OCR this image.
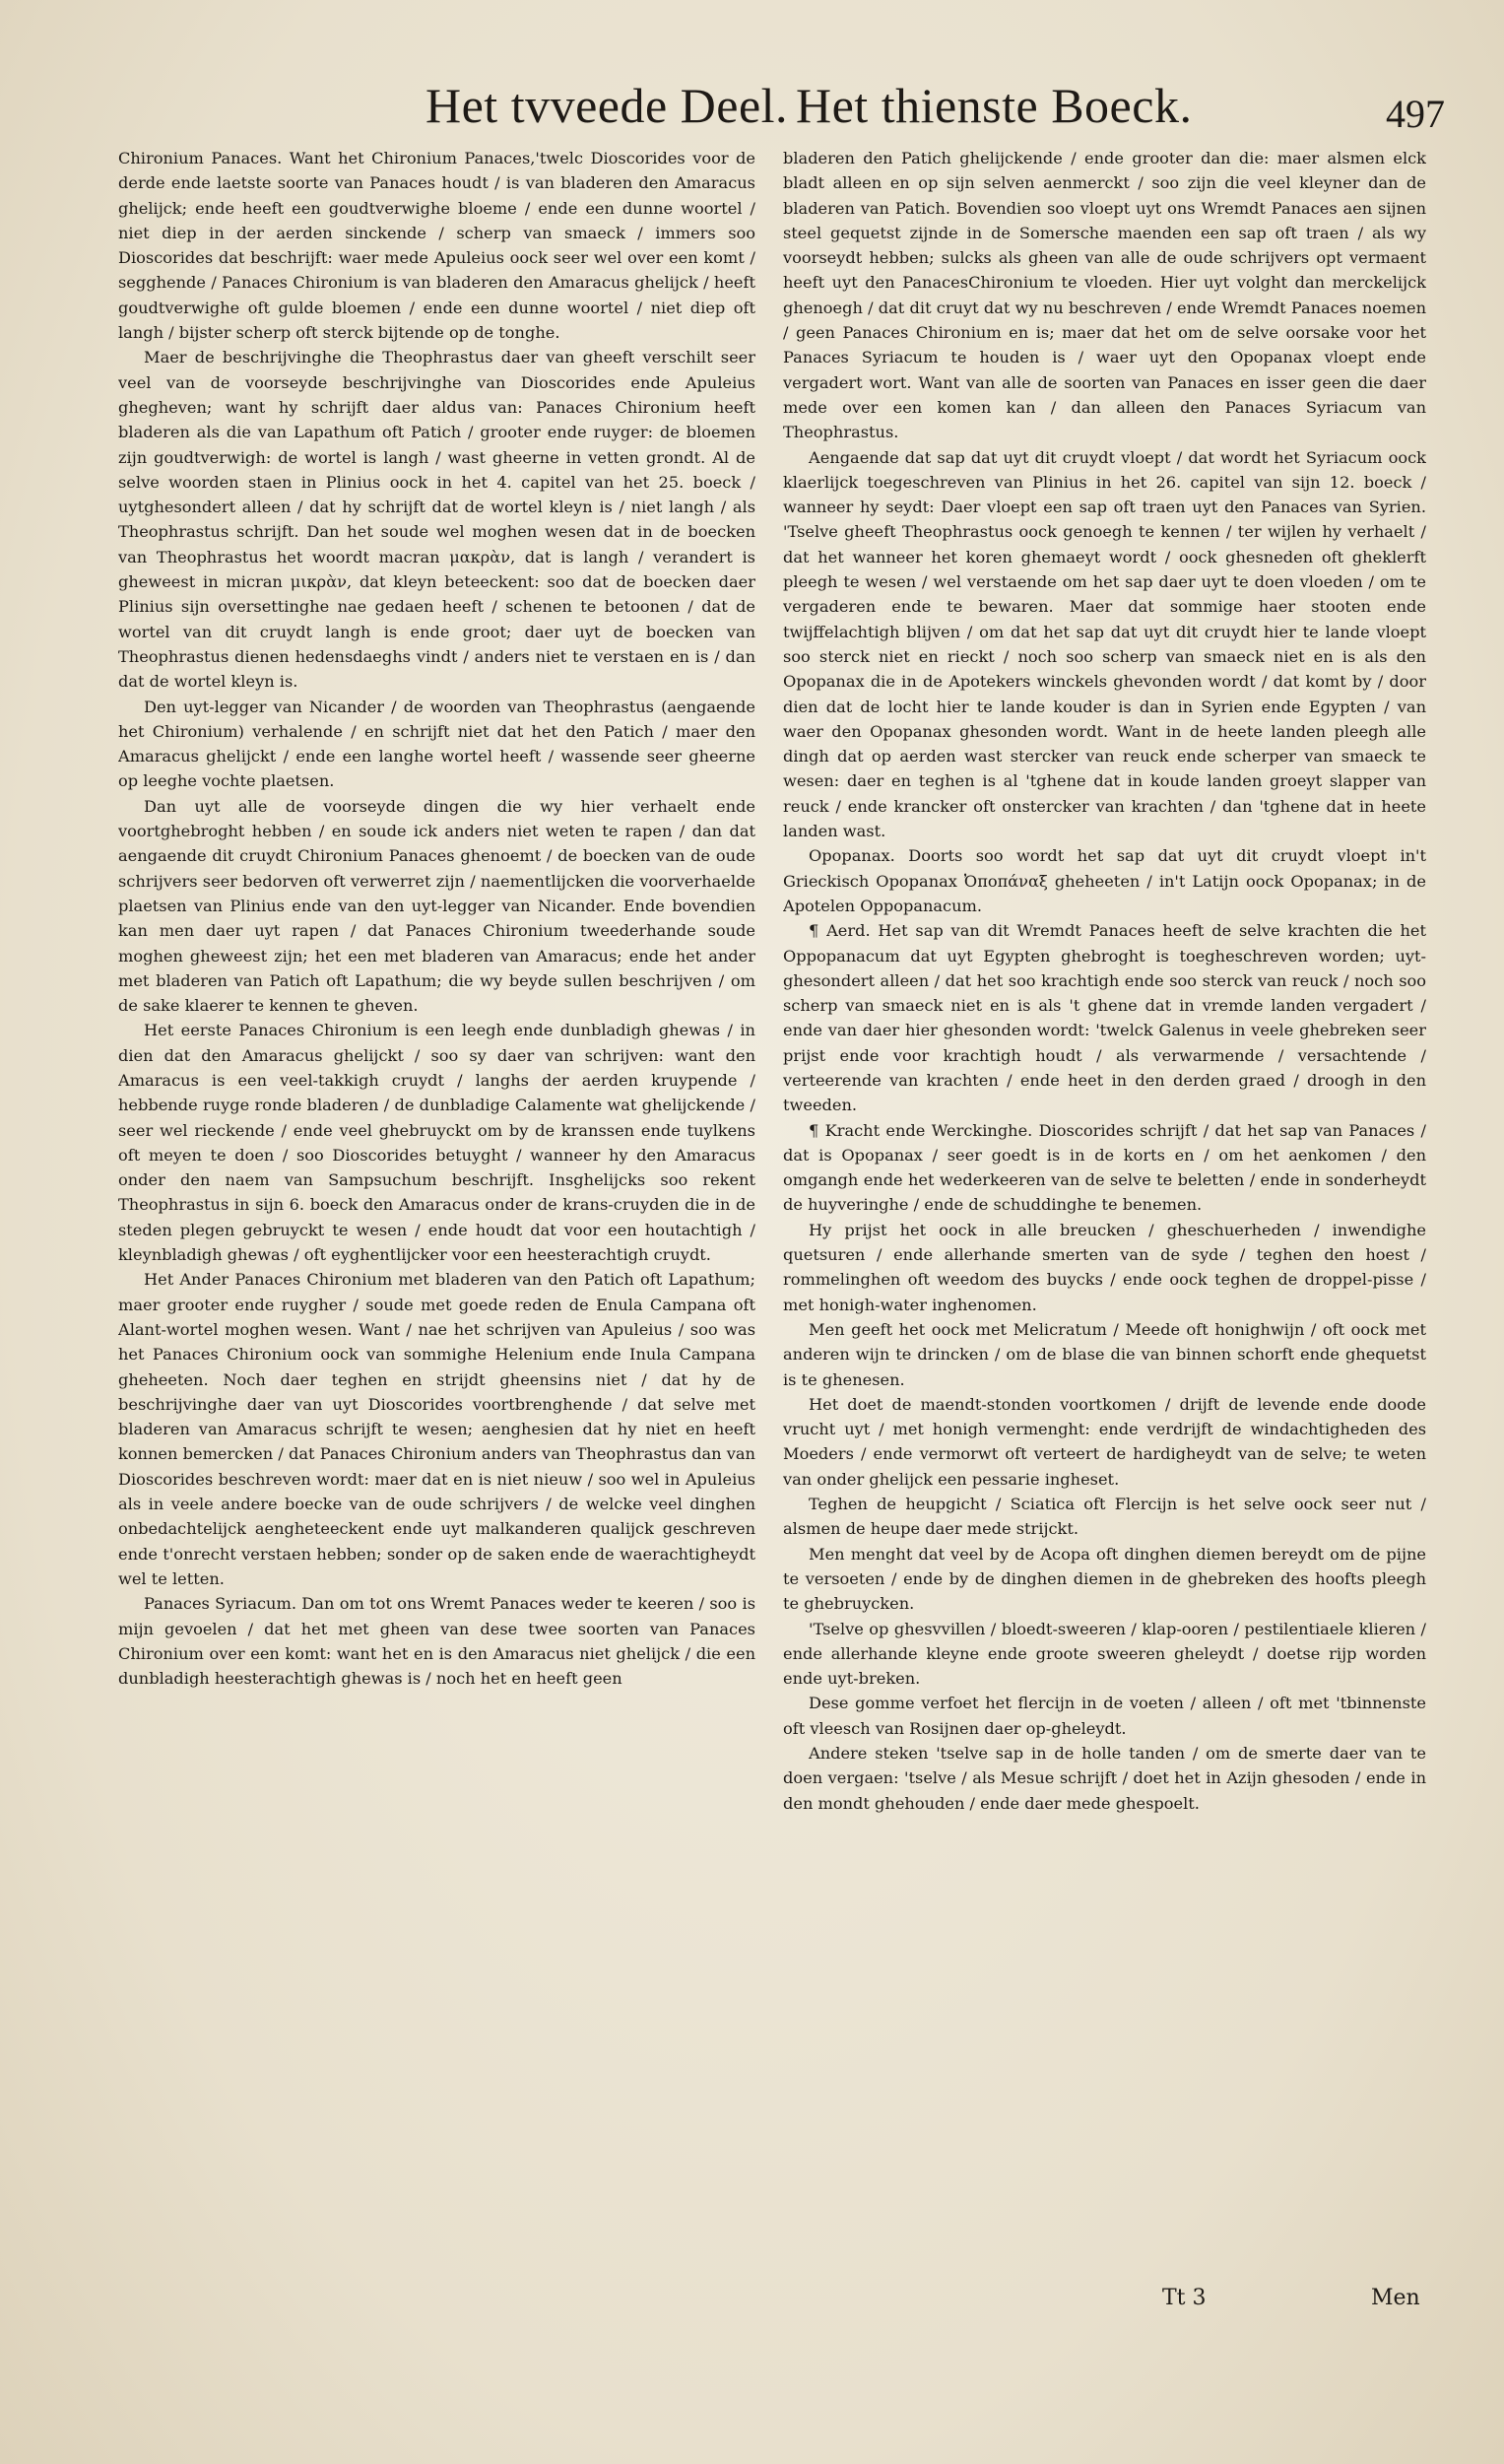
Het tvveede Deel. Het thienste Boeck.	497

Chironium Panaces. Want het Chironium Panaces,'twelc Dioscorides voor de derde ende laetste soorte van Panaces houdt / is van bladeren den Amaracus ghelijck; ende heeft een goudtverwighe bloeme / ende een dunne woortel / niet diep in der aerden sinckende / scherp van smaeck / immers soo Dioscorides dat beschrijft: waer mede Apuleius oock seer wel over een komt / segghende / Panaces Chironium is van bladeren den Amaracus ghelijck / heeft goudtverwighe oft gulde bloemen / ende een dunne woortel / niet diep oft langh / bijster scherp oft sterck bijtende op de tonghe.

Maer de beschrijvinghe die Theophrastus daer van gheeft verschilt seer veel van de voorseyde beschrijvinghe van Dioscorides ende Apuleius ghegheven; want hy schrijft daer aldus van: Panaces Chironium heeft bladeren als die van Lapathum oft Patich / grooter ende ruyger: de bloemen zijn goudtverwigh: de wortel is langh / wast gheerne in vetten grondt. Al de selve woorden staen in Plinius oock in het 4. capitel van het 25. boeck / uytghesondert alleen / dat hy schrijft dat de wortel kleyn is / niet langh / als Theophrastus schrijft. Dan het soude wel moghen wesen dat in de boecken van Theophrastus het woordt macran μακρὰν, dat is langh / verandert is gheweest in micran μικρὰν, dat kleyn beteeckent: soo dat de boecken daer Plinius sijn oversettinghe nae gedaen heeft / schenen te betoonen / dat de wortel van dit cruydt langh is ende groot; daer uyt de boecken van Theophrastus dienen hedensdaeghs vindt / anders niet te verstaen en is / dan dat de wortel kleyn is.

Den uyt-legger van Nicander / de woorden van Theophrastus (aengaende het Chironium) verhalende / en schrijft niet dat het den Patich / maer den Amaracus ghelijckt / ende een langhe wortel heeft / wassende seer gheerne op leeghe vochte plaetsen.

Dan uyt alle de voorseyde dingen die wy hier verhaelt ende voortghebroght hebben / en soude ick anders niet weten te rapen / dan dat aengaende dit cruydt Chironium Panaces ghenoemt / de boecken van de oude schrijvers seer bedorven oft verwerret zijn / naementlijcken die voorverhaelde plaetsen van Plinius ende van den uyt-legger van Nicander. Ende bovendien kan men daer uyt rapen / dat Panaces Chironium tweederhande soude moghen gheweest zijn; het een met bladeren van Amaracus; ende het ander met bladeren van Patich oft Lapathum; die wy beyde sullen beschrijven / om de sake klaerer te kennen te gheven.

Het eerste Panaces Chironium is een leegh ende dunbladigh ghewas / in dien dat den Amaracus ghelijckt / soo sy daer van schrijven: want den Amaracus is een veel-takkigh cruydt / langhs der aerden kruypende / hebbende ruyge ronde bladeren / de dunbladige Calamente wat ghelijckende / seer wel rieckende / ende veel ghebruyckt om by de kranssen ende tuylkens oft meyen te doen / soo Dioscorides betuyght / wanneer hy den Amaracus onder den naem van Sampsuchum beschrijft. Insghelijcks soo rekent Theophrastus in sijn 6. boeck den Amaracus onder de krans-cruyden die in de steden plegen gebruyckt te wesen / ende houdt dat voor een houtachtigh / kleynbladigh ghewas / oft eyghentlijcker voor een heesterachtigh cruydt.

Het Ander Panaces Chironium met bladeren van den Patich oft Lapathum; maer grooter ende ruygher / soude met goede reden de Enula Campana oft Alant-wortel moghen wesen. Want / nae het schrijven van Apuleius / soo was het Panaces Chironium oock van sommighe Helenium ende Inula Campana gheheeten. Noch daer teghen en strijdt gheensins niet / dat hy de beschrijvinghe daer van uyt Dioscorides voortbrenghende / dat selve met bladeren van Amaracus schrijft te wesen; aenghesien dat hy niet en heeft konnen bemercken / dat Panaces Chironium anders van Theophrastus dan van Dioscorides beschreven wordt: maer dat en is niet nieuw / soo wel in Apuleius als in veele andere boecke van de oude schrijvers / de welcke veel dinghen onbedachtelijck aengheteeckent ende uyt malkanderen qualijck geschreven ende t'onrecht verstaen hebben; sonder op de saken ende de waerachtigheydt wel te letten.

Panaces Syriacum. Dan om tot ons Wremt Panaces weder te keeren / soo is mijn gevoelen / dat het met gheen van dese twee soorten van Panaces Chironium over een komt: want het en is den Amaracus niet ghelijck / die een dunbladigh heesterachtigh ghewas is / noch het en heeft geen

bladeren den Patich ghelijckende / ende grooter dan die: maer alsmen elck bladt alleen en op sijn selven aenmerckt / soo zijn die veel kleyner dan de bladeren van Patich. Bovendien soo vloept uyt ons Wremdt Panaces aen sijnen steel gequetst zijnde in de Somersche maenden een sap oft traen / als wy voorseydt hebben; sulcks als gheen van alle de oude schrijvers opt vermaent heeft uyt den PanacesChironium te vloeden. Hier uyt volght dan merckelijck ghenoegh / dat dit cruyt dat wy nu beschreven / ende Wremdt Panaces noemen / geen Panaces Chironium en is; maer dat het om de selve oorsake voor het Panaces Syriacum te houden is / waer uyt den Opopanax vloept ende vergadert wort. Want van alle de soorten van Panaces en isser geen die daer mede over een komen kan / dan alleen den Panaces Syriacum van Theophrastus.

Aengaende dat sap dat uyt dit cruydt vloept / dat wordt het Syriacum oock klaerlijck toegeschreven van Plinius in het 26. capitel van sijn 12. boeck / wanneer hy seydt: Daer vloept een sap oft traen uyt den Panaces van Syrien. 'Tselve gheeft Theophrastus oock genoegh te kennen / ter wijlen hy verhaelt / dat het wanneer het koren ghemaeyt wordt / oock ghesneden oft gheklerft pleegh te wesen / wel verstaende om het sap daer uyt te doen vloeden / om te vergaderen ende te bewaren. Maer dat sommige haer stooten ende twijffelachtigh blijven / om dat het sap dat uyt dit cruydt hier te lande vloept soo sterck niet en rieckt / noch soo scherp van smaeck niet en is als den Opopanax die in de Apotekers winckels ghevonden wordt / dat komt by / door dien dat de locht hier te lande kouder is dan in Syrien ende Egypten / van waer den Opopanax ghesonden wordt. Want in de heete landen pleegh alle dingh dat op aerden wast stercker van reuck ende scherper van smaeck te wesen: daer en teghen is al 'tghene dat in koude landen groeyt slapper van reuck / ende krancker oft onstercker van krachten / dan 'tghene dat in heete landen wast.

Opopanax. Doorts soo wordt het sap dat uyt dit cruydt vloept in't Grieckisch Opopanax Ὀποπάναξ gheheeten / in't Latijn oock Opopanax; in de Apotelen Oppopanacum.

¶ Aerd. Het sap van dit Wremdt Panaces heeft de selve krachten die het Oppopanacum dat uyt Egypten ghebroght is toegheschreven worden; uyt-ghesondert alleen / dat het soo krachtigh ende soo sterck van reuck / noch soo scherp van smaeck niet en is als 't ghene dat in vremde landen vergadert / ende van daer hier ghesonden wordt: 'twelck Galenus in veele ghebreken seer prijst ende voor krachtigh houdt / als verwarmende / versachtende / verteerende van krachten / ende heet in den derden graed / droogh in den tweeden.

¶ Kracht ende Werckinghe. Dioscorides schrijft / dat het sap van Panaces / dat is Opopanax / seer goedt is in de korts en / om het aenkomen / den omgangh ende het wederkeeren van de selve te beletten / ende in sonderheydt de huyveringhe / ende de schuddinghe te benemen.

Hy prijst het oock in alle breucken / gheschuerheden / inwendighe quetsuren / ende allerhande smerten van de syde / teghen den hoest / rommelinghen oft weedom des buycks / ende oock teghen de droppel-pisse / met honigh-water inghenomen.

Men geeft het oock met Melicratum / Meede oft honighwijn / oft oock met anderen wijn te drincken / om de blase die van binnen schorft ende ghequetst is te ghenesen.

Het doet de maendt-stonden voortkomen / drijft de levende ende doode vrucht uyt / met honigh vermenght: ende verdrijft de windachtigheden des Moeders / ende vermorwt oft verteert de hardigheydt van de selve; te weten van onder ghelijck een pessarie ingheset.

Teghen de heupgicht / Sciatica oft Flercijn is het selve oock seer nut / alsmen de heupe daer mede strijckt.

Men menght dat veel by de Acopa oft dinghen diemen bereydt om de pijne te versoeten / ende by de dinghen diemen in de ghebreken des hoofts pleegh te ghebruycken.

'Tselve op ghesvvillen / bloedt-sweeren / klap-ooren / pestilentiaele klieren / ende allerhande kleyne ende groote sweeren gheleydt / doetse rijp worden ende uyt-breken.

Dese gomme verfoet het flercijn in de voeten / alleen / oft met 'tbinnenste oft vleesch van Rosijnen daer op-gheleydt.

Andere steken 'tselve sap in de holle tanden / om de smerte daer van te doen vergaen: 'tselve / als Mesue schrijft / doet het in Azijn ghesoden / ende in den mondt ghehouden / ende daer mede ghespoelt.

Tt 3	Men
